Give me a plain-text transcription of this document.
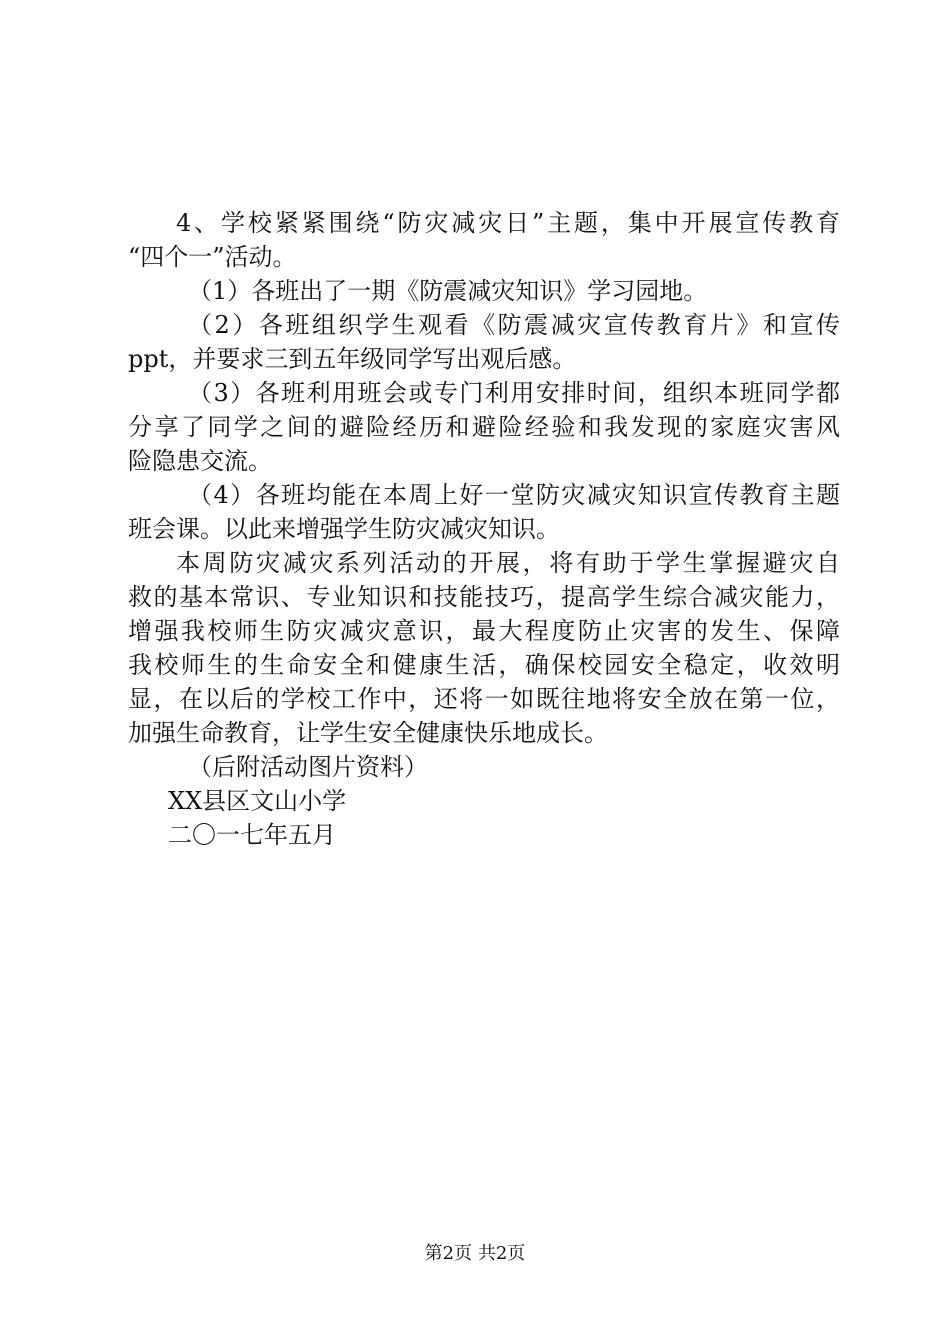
4、学校紧紧围绕“防灾减灾日”主题，集中开展宣传教育
“四个一”活动。
（1）各班出了一期《防震减灾知识》学习园地。
（2）各班组织学生观看《防震减灾宣传教育片》和宣传
ppt，并要求三到五年级同学写出观后感。
（3）各班利用班会或专门利用安排时间，组织本班同学都
分享了同学之间的避险经历和避险经验和我发现的家庭灾害风
险隐患交流。
（4）各班均能在本周上好一堂防灾减灾知识宣传教育主题
班会课。以此来增强学生防灾减灾知识。
本周防灾减灾系列活动的开展，将有助于学生掌握避灾自
救的基本常识、专业知识和技能技巧，提高学生综合减灾能力，
增强我校师生防灾减灾意识，最大程度防止灾害的发生、保障
我校师生的生命安全和健康生活，确保校园安全稳定，收效明
显，在以后的学校工作中，还将一如既往地将安全放在第一位，
加强生命教育，让学生安全健康快乐地成长。
（后附活动图片资料）
XX县区文山小学
二〇一七年五月
第2页 共2页
